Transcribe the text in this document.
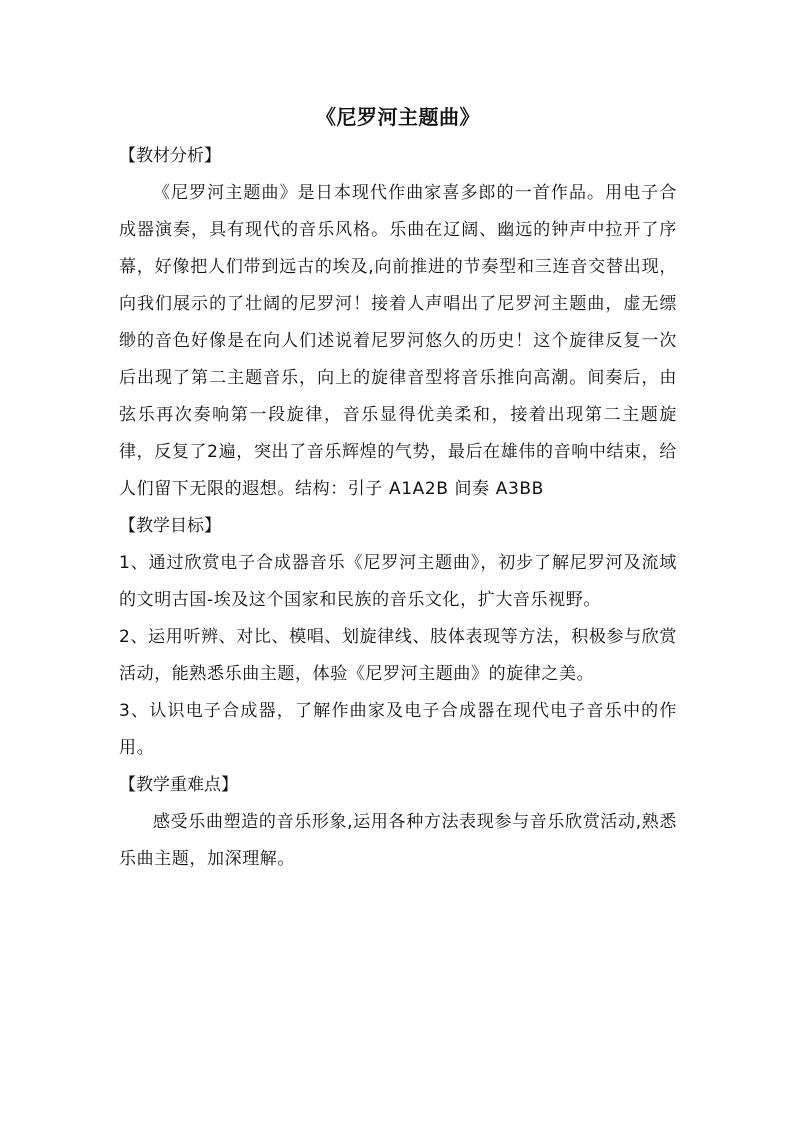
《尼罗河主题曲》
【教材分析】

《尼罗河主题曲》是日本现代作曲家喜多郎的一首作品。用电子合成器演奏，具有现代的音乐风格。乐曲在辽阔、幽远的钟声中拉开了序幕，好像把人们带到远古的埃及,向前推进的节奏型和三连音交替出现，向我们展示的了壮阔的尼罗河！接着人声唱出了尼罗河主题曲，虚无缥缈的音色好像是在向人们述说着尼罗河悠久的历史！这个旋律反复一次后出现了第二主题音乐，向上的旋律音型将音乐推向高潮。间奏后，由弦乐再次奏响第一段旋律，音乐显得优美柔和，接着出现第二主题旋律，反复了2遍，突出了音乐辉煌的气势，最后在雄伟的音响中结束，给人们留下无限的遐想。结构：引子 A1A2B 间奏 A3BB

【教学目标】

1、通过欣赏电子合成器音乐《尼罗河主题曲》，初步了解尼罗河及流域的文明古国-埃及这个国家和民族的音乐文化，扩大音乐视野。

2、运用听辨、对比、模唱、划旋律线、肢体表现等方法，积极参与欣赏活动，能熟悉乐曲主题，体验《尼罗河主题曲》的旋律之美。

3、认识电子合成器，了解作曲家及电子合成器在现代电子音乐中的作用。

【教学重难点】

感受乐曲塑造的音乐形象,运用各种方法表现参与音乐欣赏活动,熟悉乐曲主题，加深理解。
